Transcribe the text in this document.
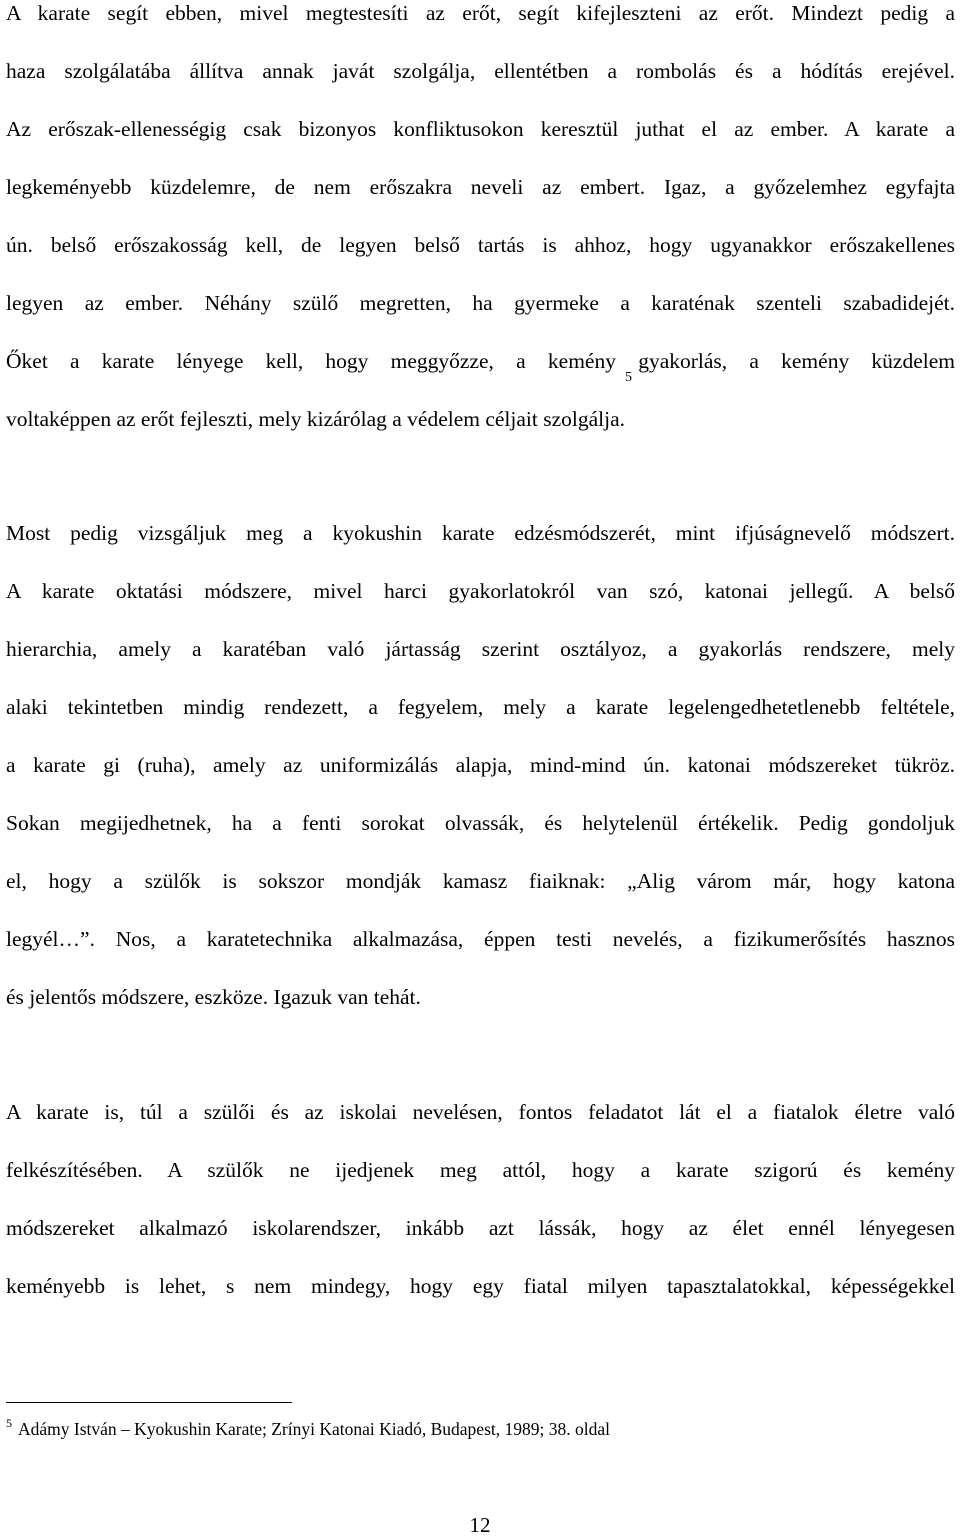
A karate segít ebben, mivel megtestesíti az erőt, segít kifejleszteni az erőt. Mindezt pedig a
haza szolgálatába állítva annak javát szolgálja, ellentétben a rombolás és a hódítás erejével.
Az erőszak-ellenességig csak bizonyos konfliktusokon keresztül juthat el az ember. A karate a
legkeményebb küzdelemre, de nem erőszakra neveli az embert. Igaz, a győzelemhez egyfajta
ún. belső erőszakosság kell, de legyen belső tartás is ahhoz, hogy ugyanakkor erőszakellenes
legyen az ember. Néhány szülő megretten, ha gyermeke a karaténak szenteli szabadidejét.
Őket a karate lényege kell, hogy meggyőzze, a kemény gyakorlás, a kemény küzdelem
voltaképpen az erőt fejleszti, mely kizárólag a védelem céljait szolgálja.$^5$
Most pedig vizsgáljuk meg a kyokushin karate edzésmódszerét, mint ifjúságnevelő módszert.
A karate oktatási módszere, mivel harci gyakorlatokról van szó, katonai jellegű. A belső
hierarchia, amely a karatéban való jártasság szerint osztályoz, a gyakorlás rendszere, mely
alaki tekintetben mindig rendezett, a fegyelem, mely a karate legelengedhetetlenebb feltétele,
a karate gi (ruha), amely az uniformizálás alapja, mind-mind ún. katonai módszereket tükröz.
Sokan megijedhetnek, ha a fenti sorokat olvassák, és helytelenül értékelik. Pedig gondoljuk
el, hogy a szülők is sokszor mondják kamasz fiaiknak: „Alig várom már, hogy katona
legyél…”. Nos, a karatetechnika alkalmazása, éppen testi nevelés, a fizikumerősítés hasznos
és jelentős módszere, eszköze. Igazuk van tehát.
A karate is, túl a szülői és az iskolai nevelésen, fontos feladatot lát el a fiatalok életre való
felkészítésében. A szülők ne ijedjenek meg attól, hogy a karate szigorú és kemény
módszereket alkalmazó iskolarendszer, inkább azt lássák, hogy az élet ennél lényegesen
keményebb is lehet, s nem mindegy, hogy egy fiatal milyen tapasztalatokkal, képességekkel
$^5$ Adámy István – Kyokushin Karate; Zrínyi Katonai Kiadó, Budapest, 1989; 38. oldal
12
